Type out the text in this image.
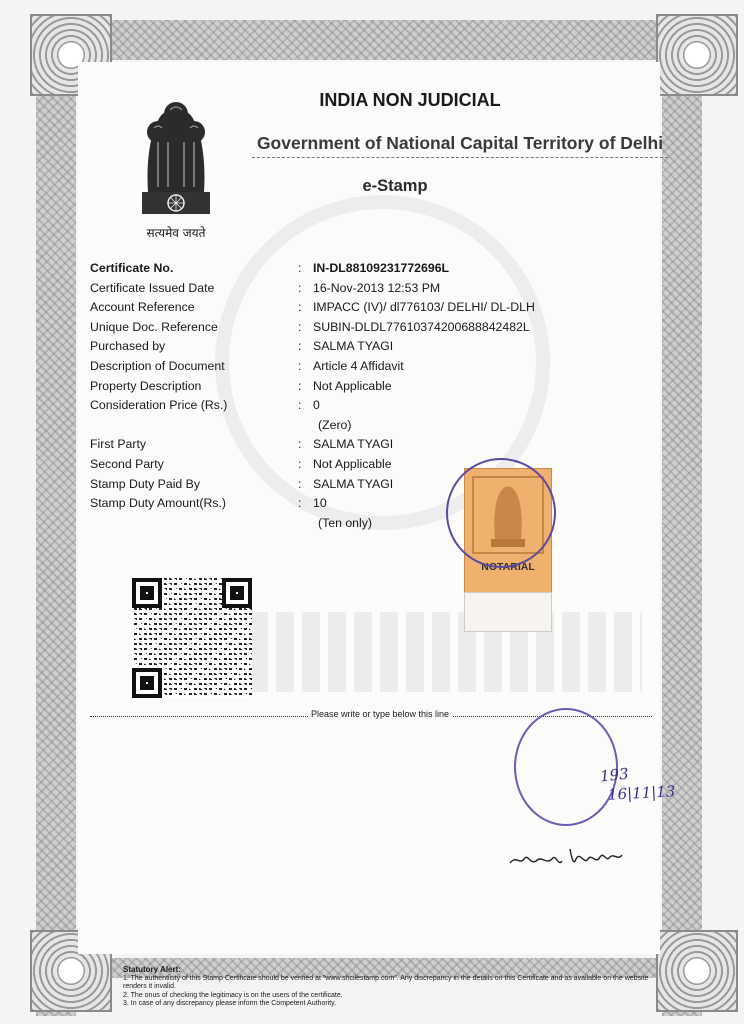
सत्यमेव जयते
INDIA NON JUDICIAL
Government of National Capital Territory of Delhi
e-Stamp
Certificate No.	: IN-DL88109231772696L
Certificate Issued Date	: 16-Nov-2013 12:53 PM
Account Reference	: IMPACC (IV)/ dl776103/ DELHI/ DL-DLH
Unique Doc. Reference	: SUBIN-DLDL77610374200688842482L
Purchased by	: SALMA TYAGI
Description of Document	: Article 4 Affidavit
Property Description	: Not Applicable
Consideration Price (Rs.)	: 0
(Zero)
First Party	: SALMA TYAGI
Second Party	: Not Applicable
Stamp Duty Paid By	: SALMA TYAGI
Stamp Duty Amount(Rs.)	: 10
(Ten only)
NOTARIAL
Please write or type below this line
193
16|11|13
Statutory Alert:
1. The authenticity of this Stamp Certificate should be verified at "www.shcilestamp.com". Any discrepancy in the details on this Certificate and as available on the website renders it invalid.
2. The onus of checking the legitimacy is on the users of the certificate.
3. In case of any discrepancy please inform the Competent Authority.
